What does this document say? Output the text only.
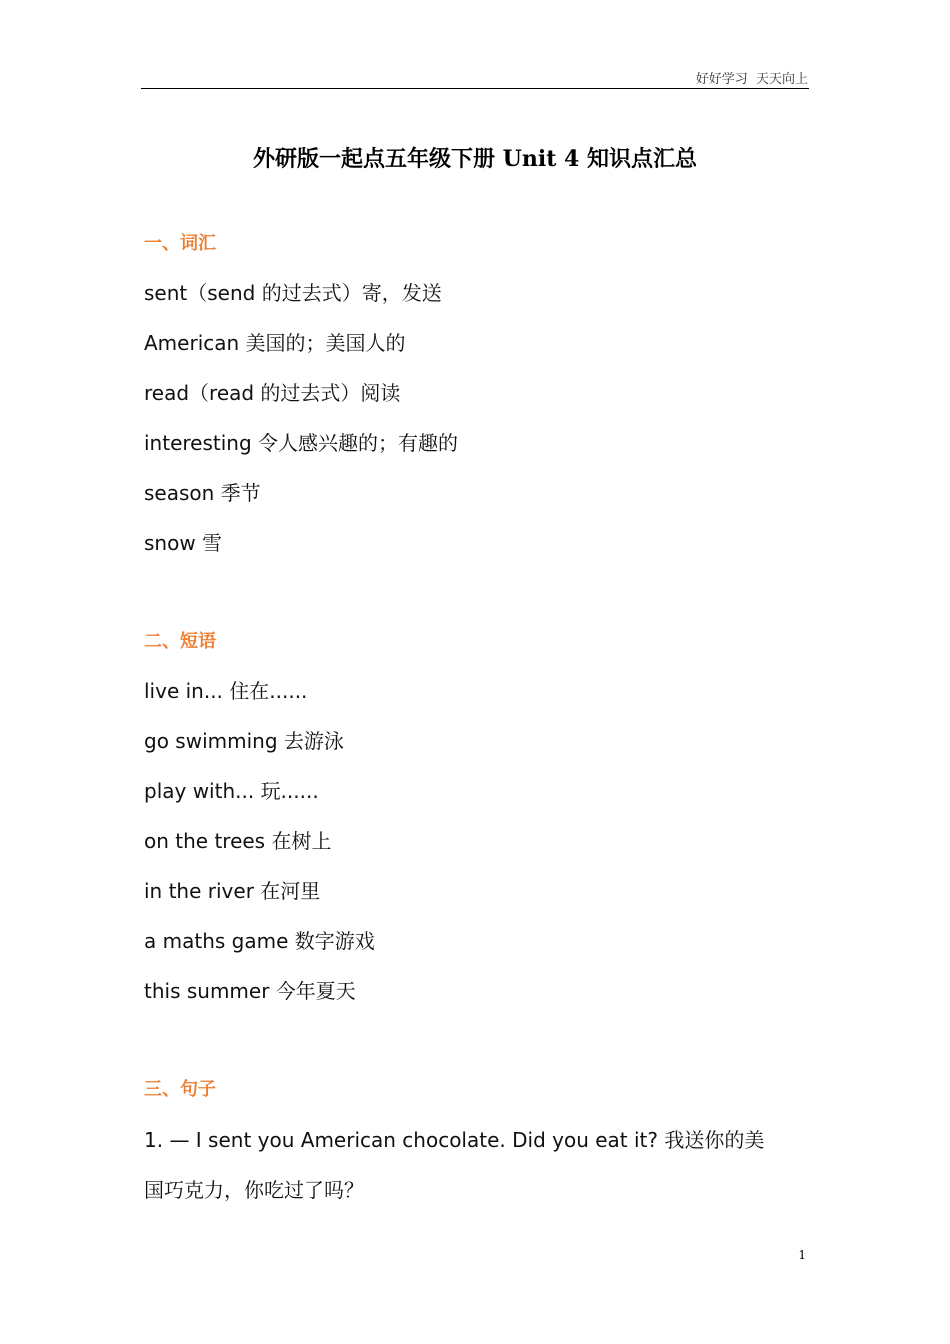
好好学习  天天向上
外研版一起点五年级下册 Unit 4 知识点汇总
一、词汇
sent（send 的过去式）寄，发送
American 美国的；美国人的
read（read 的过去式）阅读
interesting 令人感兴趣的；有趣的
season 季节
snow 雪
二、短语
live in... 住在......
go swimming 去游泳
play with... 玩......
on the trees 在树上
in the river 在河里
a maths game 数字游戏
this summer 今年夏天
三、句子
1. — I sent you American chocolate. Did you eat it? 我送你的美
国巧克力，你吃过了吗？
1
